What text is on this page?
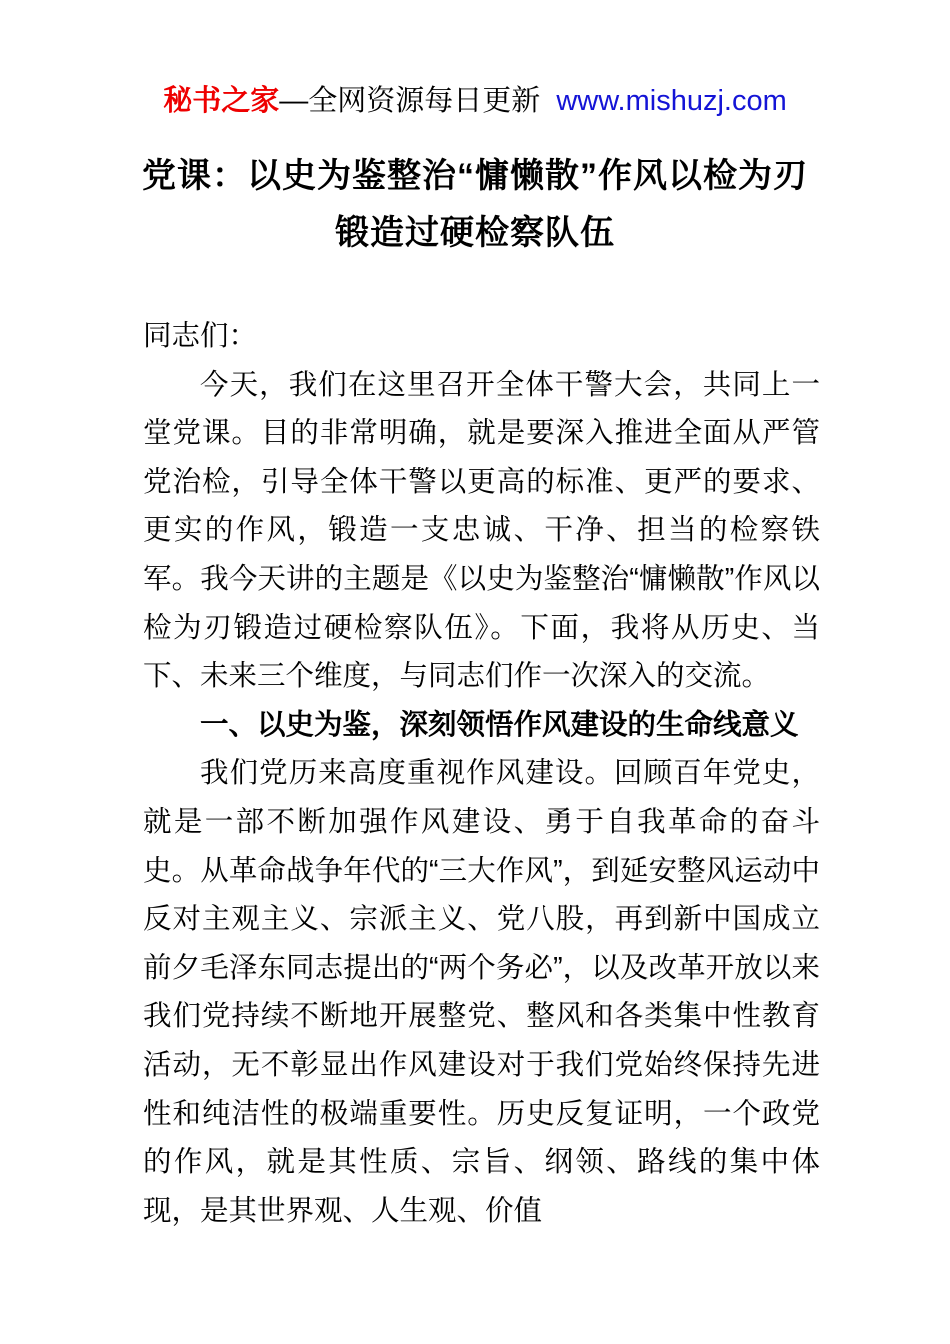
秘书之家—全网资源每日更新 www.mishuzj.com
党课：以史为鉴整治“慵懒散”作风以检为刃
锻造过硬检察队伍

同志们：

今天，我们在这里召开全体干警大会，共同上一堂党课。目的非常明确，就是要深入推进全面从严管党治检，引导全体干警以更高的标准、更严的要求、更实的作风，锻造一支忠诚、干净、担当的检察铁军。我今天讲的主题是《以史为鉴整治“慵懒散”作风以检为刃锻造过硬检察队伍》。下面，我将从历史、当下、未来三个维度，与同志们作一次深入的交流。

一、以史为鉴，深刻领悟作风建设的生命线意义

我们党历来高度重视作风建设。回顾百年党史，就是一部不断加强作风建设、勇于自我革命的奋斗史。从革命战争年代的“三大作风”，到延安整风运动中反对主观主义、宗派主义、党八股，再到新中国成立前夕毛泽东同志提出的“两个务必”，以及改革开放以来我们党持续不断地开展整党、整风和各类集中性教育活动，无不彰显出作风建设对于我们党始终保持先进性和纯洁性的极端重要性。历史反复证明，一个政党的作风，就是其性质、宗旨、纲领、路线的集中体现，是其世界观、人生观、价值
